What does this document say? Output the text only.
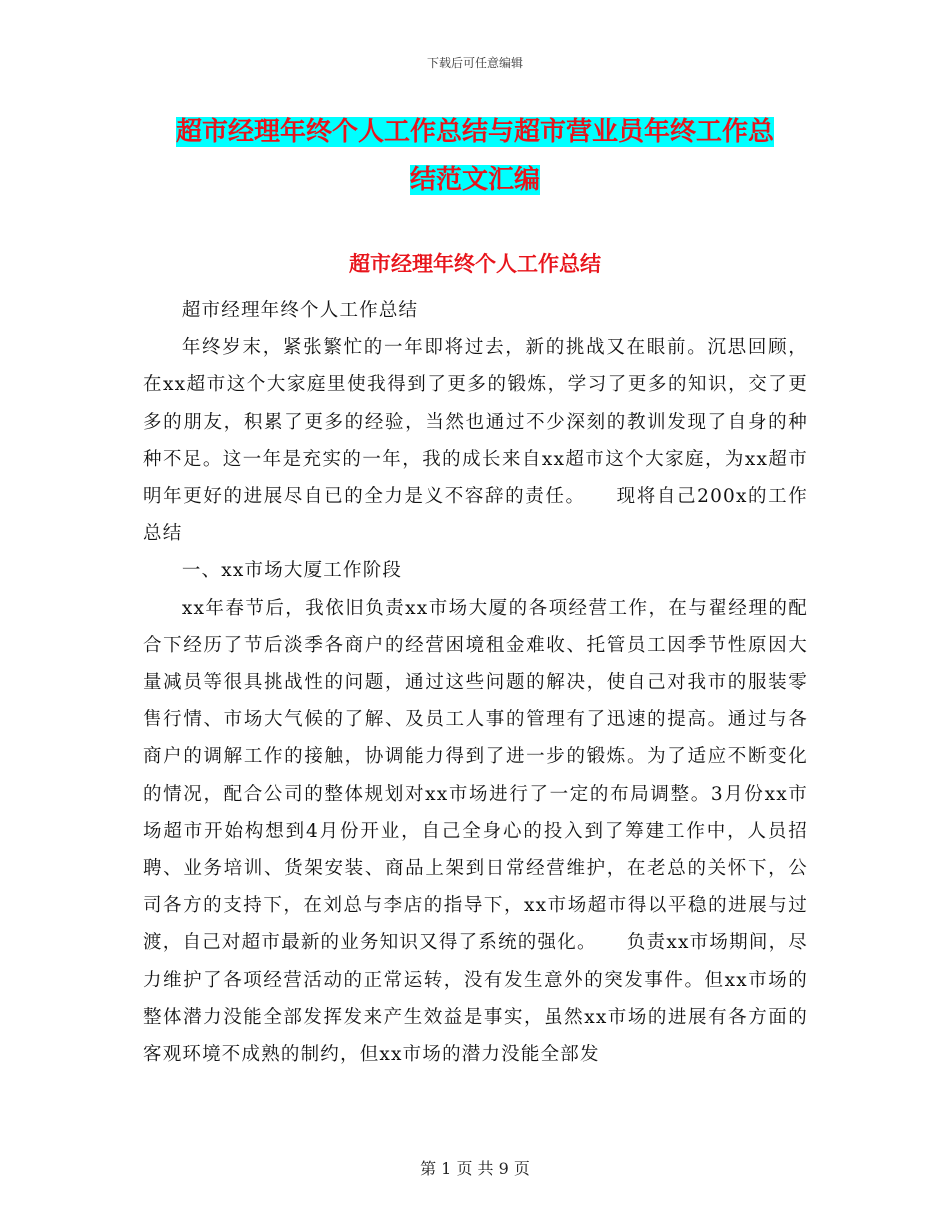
下载后可任意编辑
超市经理年终个人工作总结与超市营业员年终工作总
结范文汇编
超市经理年终个人工作总结

超市经理年终个人工作总结

年终岁末，紧张繁忙的一年即将过去，新的挑战又在眼前。沉思回顾，在xx超市这个大家庭里使我得到了更多的锻炼，学习了更多的知识，交了更多的朋友，积累了更多的经验，当然也通过不少深刻的教训发现了自身的种种不足。这一年是充实的一年，我的成长来自xx超市这个大家庭，为xx超市明年更好的进展尽自已的全力是义不容辞的责任。　　现将自己200x的工作总结

一、xx市场大厦工作阶段

xx年春节后，我依旧负责xx市场大厦的各项经营工作，在与翟经理的配合下经历了节后淡季各商户的经营困境租金难收、托管员工因季节性原因大量减员等很具挑战性的问题，通过这些问题的解决，使自己对我市的服装零售行情、市场大气候的了解、及员工人事的管理有了迅速的提高。通过与各商户的调解工作的接触，协调能力得到了进一步的锻炼。为了适应不断变化的情况，配合公司的整体规划对xx市场进行了一定的布局调整。3月份xx市场超市开始构想到4月份开业，自己全身心的投入到了筹建工作中，人员招聘、业务培训、货架安装、商品上架到日常经营维护，在老总的关怀下，公司各方的支持下，在刘总与李店的指导下，xx市场超市得以平稳的进展与过渡，自己对超市最新的业务知识又得了系统的强化。　　负责xx市场期间，尽力维护了各项经营活动的正常运转，没有发生意外的突发事件。但xx市场的整体潜力没能全部发挥发来产生效益是事实，虽然xx市场的进展有各方面的客观环境不成熟的制约，但xx市场的潜力没能全部发

第 1 页 共 9 页
